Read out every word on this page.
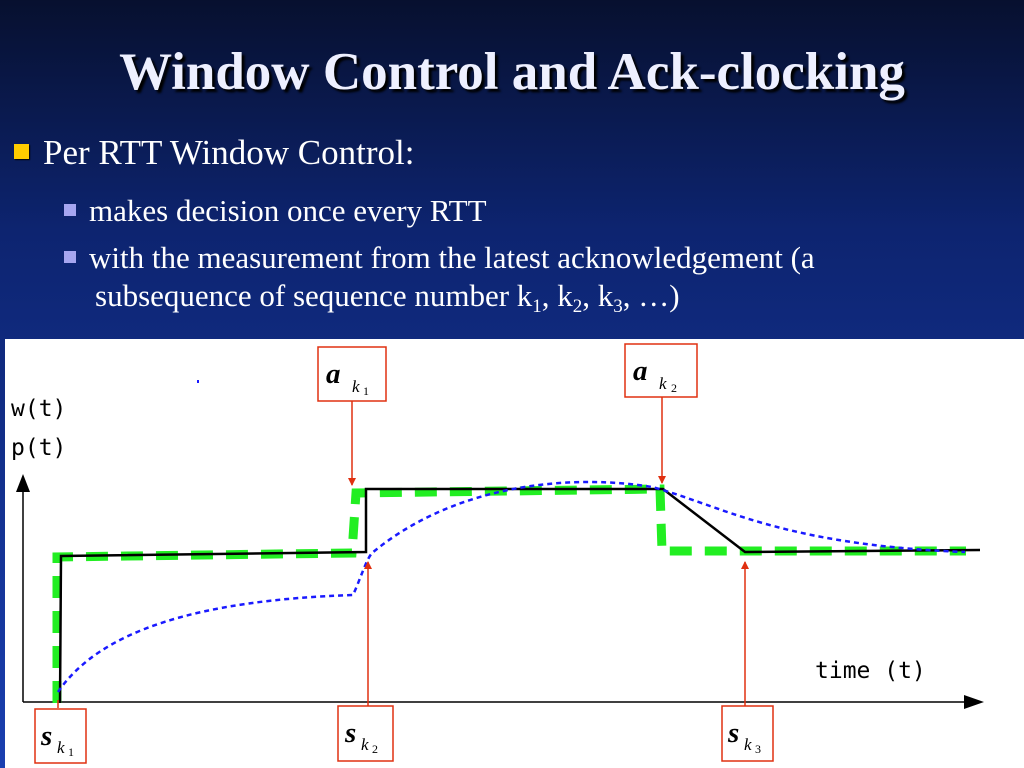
Window Control and Ack-clocking
Per RTT Window Control:
makes decision once every RTT
with the measurement from the latest acknowledgement (a
subsequence of sequence number $k_1$, $k_2$, $k_3$, …)
w(t)
p(t)
time (t)
a k 1
a k 2
s k 1
s k 2	s k 3
